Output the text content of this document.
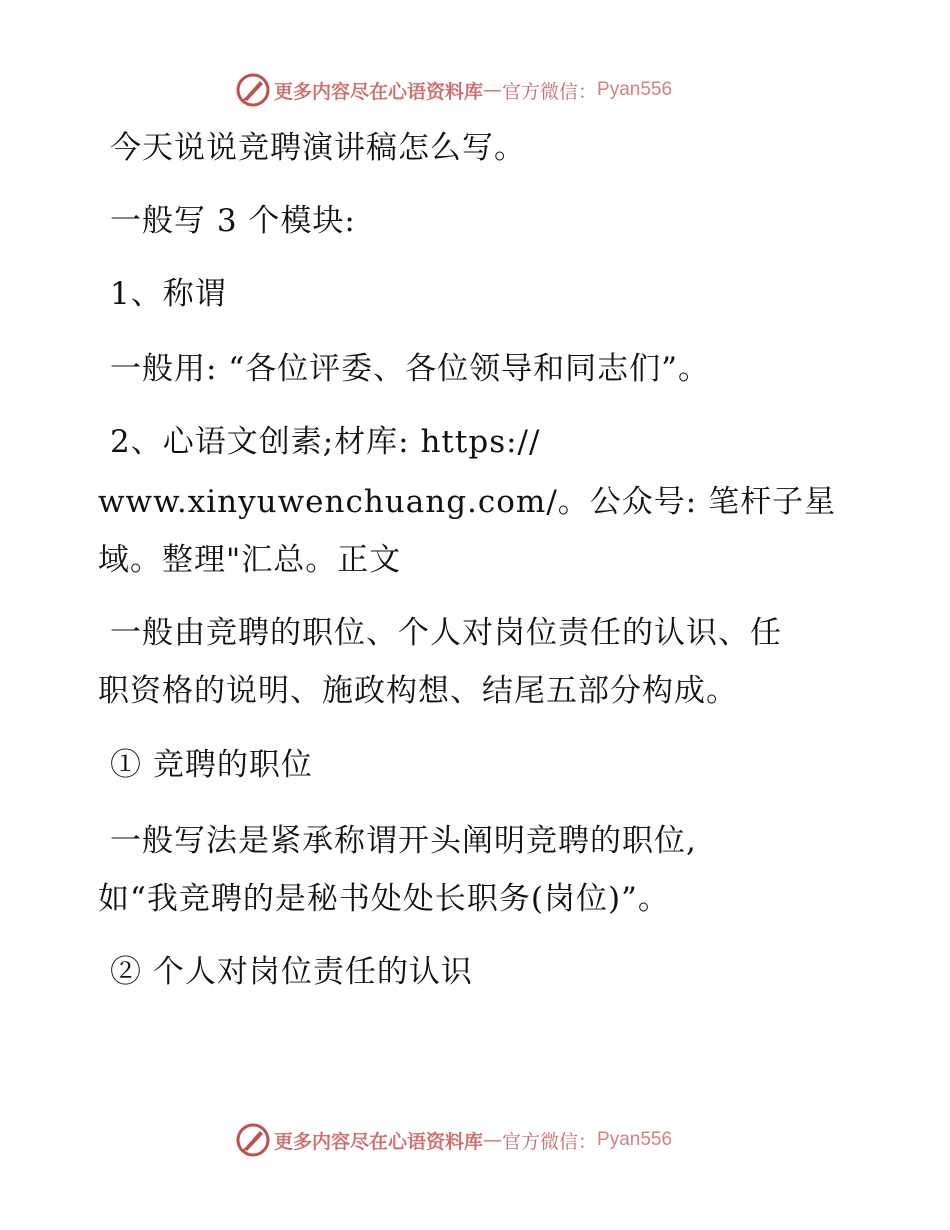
更多内容尽在心语资料库 — 官方微信： Pyan556
今天说说竞聘演讲稿怎么写。
一般写 3 个模块:
1、称谓
一般用: “各位评委、各位领导和同志们”。
2、心语文创素;材库: https://
www.xinyuwenchuang.com/。公众号: 笔杆子星
域。整理"汇总。正文
一般由竞聘的职位、个人对岗位责任的认识、任
职资格的说明、施政构想、结尾五部分构成。
① 竞聘的职位
一般写法是紧承称谓开头阐明竞聘的职位,
如“我竞聘的是秘书处处长职务(岗位)”。
② 个人对岗位责任的认识
更多内容尽在心语资料库 — 官方微信： Pyan556
